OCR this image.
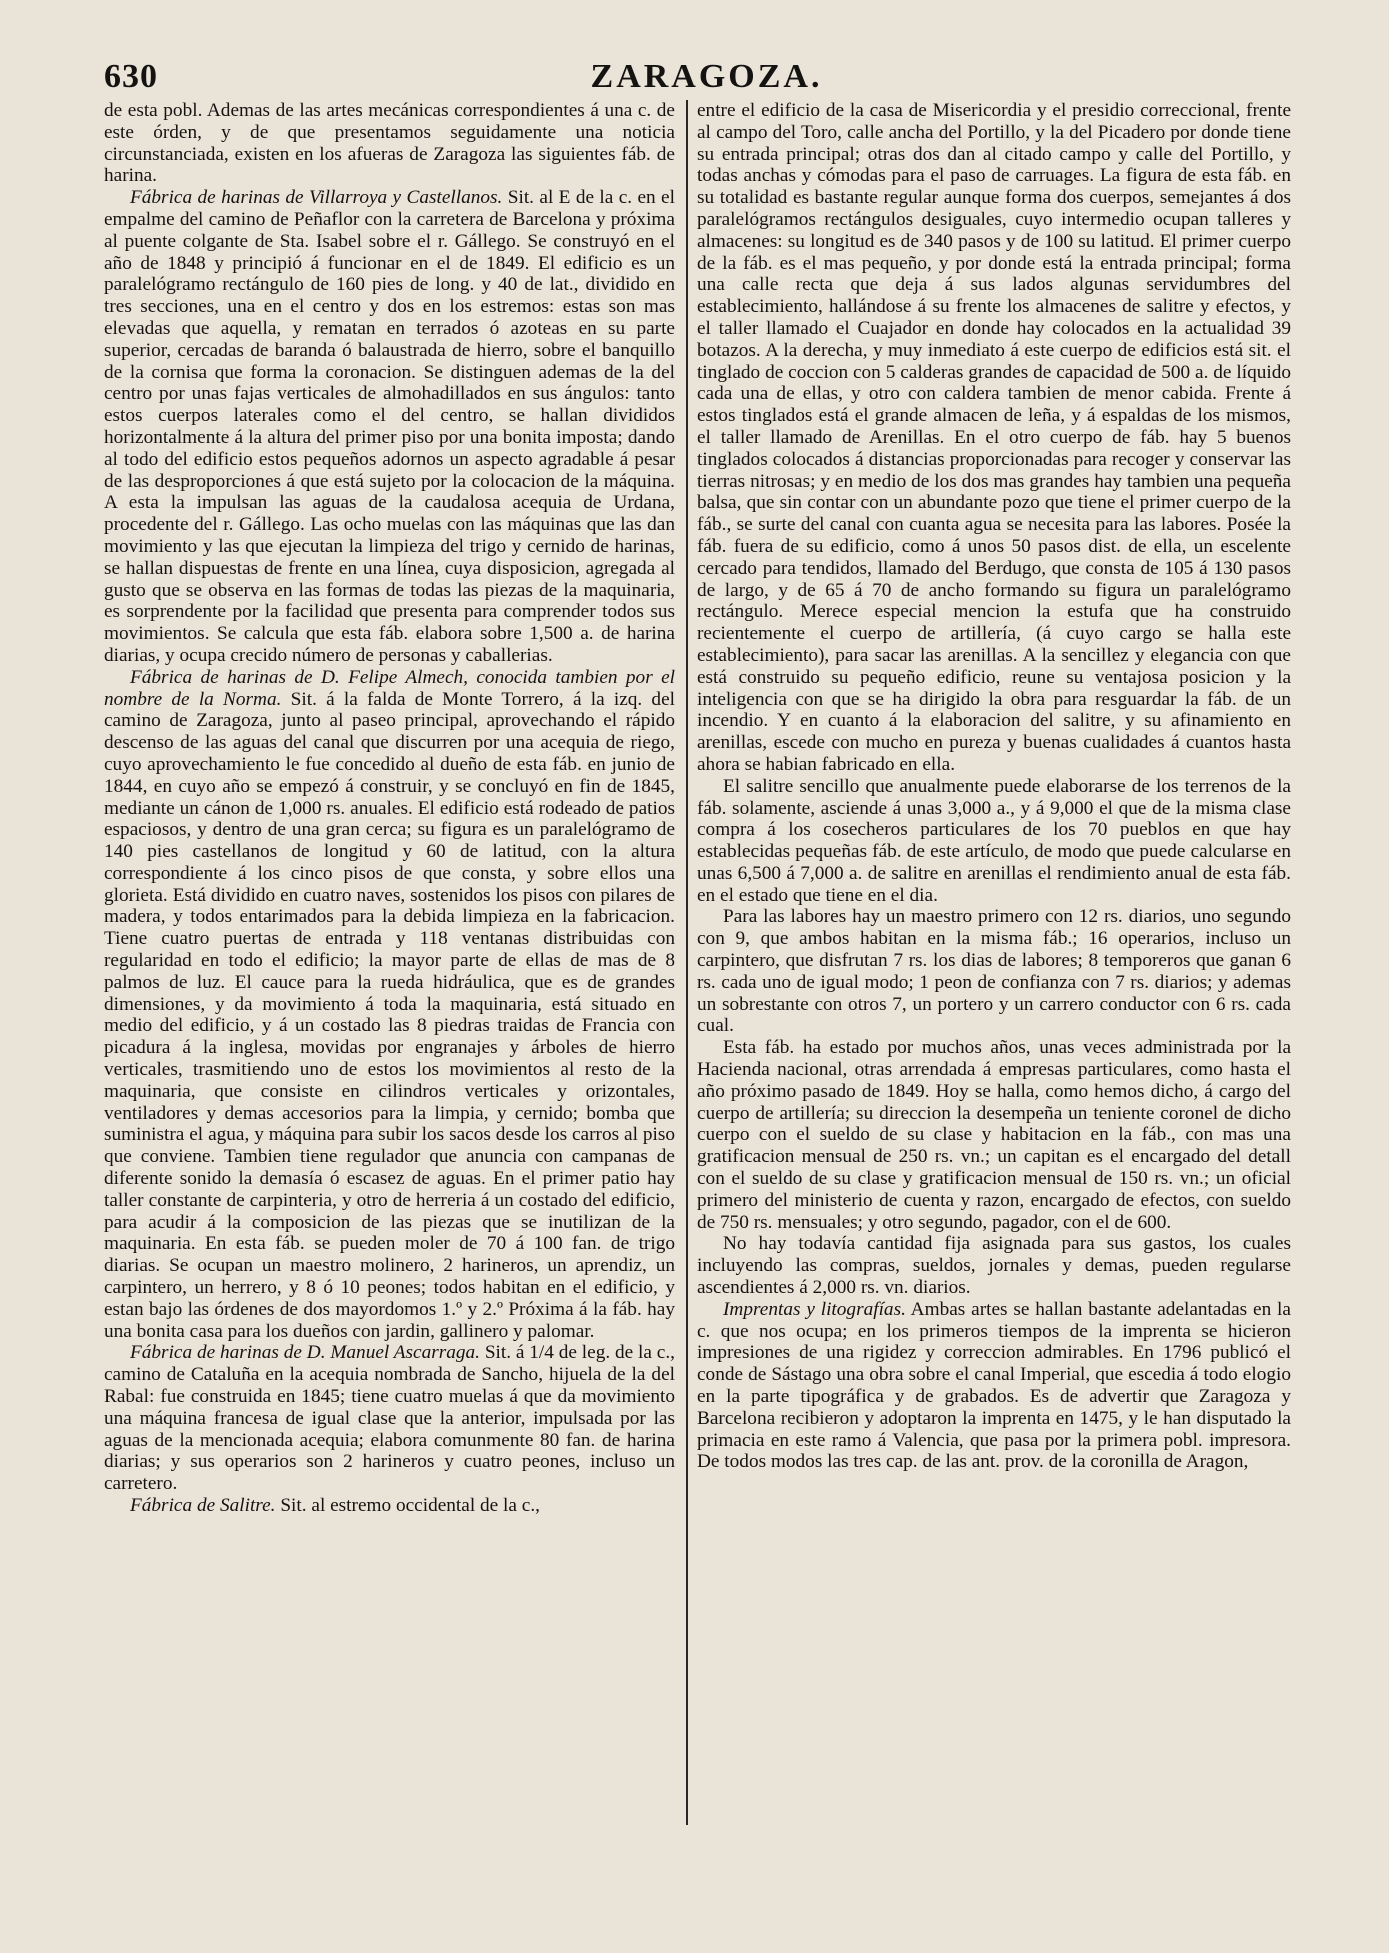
630	ZARAGOZA.

de esta pobl. Ademas de las artes mecánicas correspondientes á una c. de este órden, y de que presentamos seguidamente una noticia circunstanciada, existen en los afueras de Zaragoza las siguientes fáb. de harina.

Fábrica de harinas de Villarroya y Castellanos. Sit. al E de la c. en el empalme del camino de Peñaflor con la carretera de Barcelona y próxima al puente colgante de Sta. Isabel sobre el r. Gállego. Se construyó en el año de 1848 y principió á funcionar en el de 1849. El edificio es un paralelógramo rectángulo de 160 pies de long. y 40 de lat., dividido en tres secciones, una en el centro y dos en los estremos: estas son mas elevadas que aquella, y rematan en terrados ó azoteas en su parte superior, cercadas de baranda ó balaustrada de hierro, sobre el banquillo de la cornisa que forma la coronacion. Se distinguen ademas de la del centro por unas fajas verticales de almohadillados en sus ángulos: tanto estos cuerpos laterales como el del centro, se hallan divididos horizontalmente á la altura del primer piso por una bonita imposta; dando al todo del edificio estos pequeños adornos un aspecto agradable á pesar de las desproporciones á que está sujeto por la colocacion de la máquina. A esta la impulsan las aguas de la caudalosa acequia de Urdana, procedente del r. Gállego. Las ocho muelas con las máquinas que las dan movimiento y las que ejecutan la limpieza del trigo y cernido de harinas, se hallan dispuestas de frente en una línea, cuya disposicion, agregada al gusto que se observa en las formas de todas las piezas de la maquinaria, es sorprendente por la facilidad que presenta para comprender todos sus movimientos. Se calcula que esta fáb. elabora sobre 1,500 a. de harina diarias, y ocupa crecido número de personas y caballerias.

Fábrica de harinas de D. Felipe Almech, conocida tambien por el nombre de la Norma. Sit. á la falda de Monte Torrero, á la izq. del camino de Zaragoza, junto al paseo principal, aprovechando el rápido descenso de las aguas del canal que discurren por una acequia de riego, cuyo aprovechamiento le fue concedido al dueño de esta fáb. en junio de 1844, en cuyo año se empezó á construir, y se concluyó en fin de 1845, mediante un cánon de 1,000 rs. anuales. El edificio está rodeado de patios espaciosos, y dentro de una gran cerca; su figura es un paralelógramo de 140 pies castellanos de longitud y 60 de latitud, con la altura correspondiente á los cinco pisos de que consta, y sobre ellos una glorieta. Está dividido en cuatro naves, sostenidos los pisos con pilares de madera, y todos entarimados para la debida limpieza en la fabricacion. Tiene cuatro puertas de entrada y 118 ventanas distribuidas con regularidad en todo el edificio; la mayor parte de ellas de mas de 8 palmos de luz. El cauce para la rueda hidráulica, que es de grandes dimensiones, y da movimiento á toda la maquinaria, está situado en medio del edificio, y á un costado las 8 piedras traidas de Francia con picadura á la inglesa, movidas por engranajes y árboles de hierro verticales, trasmitiendo uno de estos los movimientos al resto de la maquinaria, que consiste en cilindros verticales y orizontales, ventiladores y demas accesorios para la limpia, y cernido; bomba que suministra el agua, y máquina para subir los sacos desde los carros al piso que conviene. Tambien tiene regulador que anuncia con campanas de diferente sonido la demasía ó escasez de aguas. En el primer patio hay taller constante de carpinteria, y otro de herreria á un costado del edificio, para acudir á la composicion de las piezas que se inutilizan de la maquinaria. En esta fáb. se pueden moler de 70 á 100 fan. de trigo diarias. Se ocupan un maestro molinero, 2 harineros, un aprendiz, un carpintero, un herrero, y 8 ó 10 peones; todos habitan en el edificio, y estan bajo las órdenes de dos mayordomos 1.º y 2.º Próxima á la fáb. hay una bonita casa para los dueños con jardin, gallinero y palomar.

Fábrica de harinas de D. Manuel Ascarraga. Sit. á 1/4 de leg. de la c., camino de Cataluña en la acequia nombrada de Sancho, hijuela de la del Rabal: fue construida en 1845; tiene cuatro muelas á que da movimiento una máquina francesa de igual clase que la anterior, impulsada por las aguas de la mencionada acequia; elabora comunmente 80 fan. de harina diarias; y sus operarios son 2 harineros y cuatro peones, incluso un carretero.

Fábrica de Salitre. Sit. al estremo occidental de la c.,

entre el edificio de la casa de Misericordia y el presidio correccional, frente al campo del Toro, calle ancha del Portillo, y la del Picadero por donde tiene su entrada principal; otras dos dan al citado campo y calle del Portillo, y todas anchas y cómodas para el paso de carruages. La figura de esta fáb. en su totalidad es bastante regular aunque forma dos cuerpos, semejantes á dos paralelógramos rectángulos desiguales, cuyo intermedio ocupan talleres y almacenes: su longitud es de 340 pasos y de 100 su latitud. El primer cuerpo de la fáb. es el mas pequeño, y por donde está la entrada principal; forma una calle recta que deja á sus lados algunas servidumbres del establecimiento, hallándose á su frente los almacenes de salitre y efectos, y el taller llamado el Cuajador en donde hay colocados en la actualidad 39 botazos. A la derecha, y muy inmediato á este cuerpo de edificios está sit. el tinglado de coccion con 5 calderas grandes de capacidad de 500 a. de líquido cada una de ellas, y otro con caldera tambien de menor cabida. Frente á estos tinglados está el grande almacen de leña, y á espaldas de los mismos, el taller llamado de Arenillas. En el otro cuerpo de fáb. hay 5 buenos tinglados colocados á distancias proporcionadas para recoger y conservar las tierras nitrosas; y en medio de los dos mas grandes hay tambien una pequeña balsa, que sin contar con un abundante pozo que tiene el primer cuerpo de la fáb., se surte del canal con cuanta agua se necesita para las labores. Posée la fáb. fuera de su edificio, como á unos 50 pasos dist. de ella, un escelente cercado para tendidos, llamado del Berdugo, que consta de 105 á 130 pasos de largo, y de 65 á 70 de ancho formando su figura un paralelógramo rectángulo. Merece especial mencion la estufa que ha construido recientemente el cuerpo de artillería, (á cuyo cargo se halla este establecimiento), para sacar las arenillas. A la sencillez y elegancia con que está construido su pequeño edificio, reune su ventajosa posicion y la inteligencia con que se ha dirigido la obra para resguardar la fáb. de un incendio. Y en cuanto á la elaboracion del salitre, y su afinamiento en arenillas, escede con mucho en pureza y buenas cualidades á cuantos hasta ahora se habian fabricado en ella.

El salitre sencillo que anualmente puede elaborarse de los terrenos de la fáb. solamente, asciende á unas 3,000 a., y á 9,000 el que de la misma clase compra á los cosecheros particulares de los 70 pueblos en que hay establecidas pequeñas fáb. de este artículo, de modo que puede calcularse en unas 6,500 á 7,000 a. de salitre en arenillas el rendimiento anual de esta fáb. en el estado que tiene en el dia.

Para las labores hay un maestro primero con 12 rs. diarios, uno segundo con 9, que ambos habitan en la misma fáb.; 16 operarios, incluso un carpintero, que disfrutan 7 rs. los dias de labores; 8 temporeros que ganan 6 rs. cada uno de igual modo; 1 peon de confianza con 7 rs. diarios; y ademas un sobrestante con otros 7, un portero y un carrero conductor con 6 rs. cada cual.

Esta fáb. ha estado por muchos años, unas veces administrada por la Hacienda nacional, otras arrendada á empresas particulares, como hasta el año próximo pasado de 1849. Hoy se halla, como hemos dicho, á cargo del cuerpo de artillería; su direccion la desempeña un teniente coronel de dicho cuerpo con el sueldo de su clase y habitacion en la fáb., con mas una gratificacion mensual de 250 rs. vn.; un capitan es el encargado del detall con el sueldo de su clase y gratificacion mensual de 150 rs. vn.; un oficial primero del ministerio de cuenta y razon, encargado de efectos, con sueldo de 750 rs. mensuales; y otro segundo, pagador, con el de 600.

No hay todavía cantidad fija asignada para sus gastos, los cuales incluyendo las compras, sueldos, jornales y demas, pueden regularse ascendientes á 2,000 rs. vn. diarios.

Imprentas y litografías. Ambas artes se hallan bastante adelantadas en la c. que nos ocupa; en los primeros tiempos de la imprenta se hicieron impresiones de una rigidez y correccion admirables. En 1796 publicó el conde de Sástago una obra sobre el canal Imperial, que escedia á todo elogio en la parte tipográfica y de grabados. Es de advertir que Zaragoza y Barcelona recibieron y adoptaron la imprenta en 1475, y le han disputado la primacia en este ramo á Valencia, que pasa por la primera pobl. impresora. De todos modos las tres cap. de las ant. prov. de la coronilla de Aragon,
